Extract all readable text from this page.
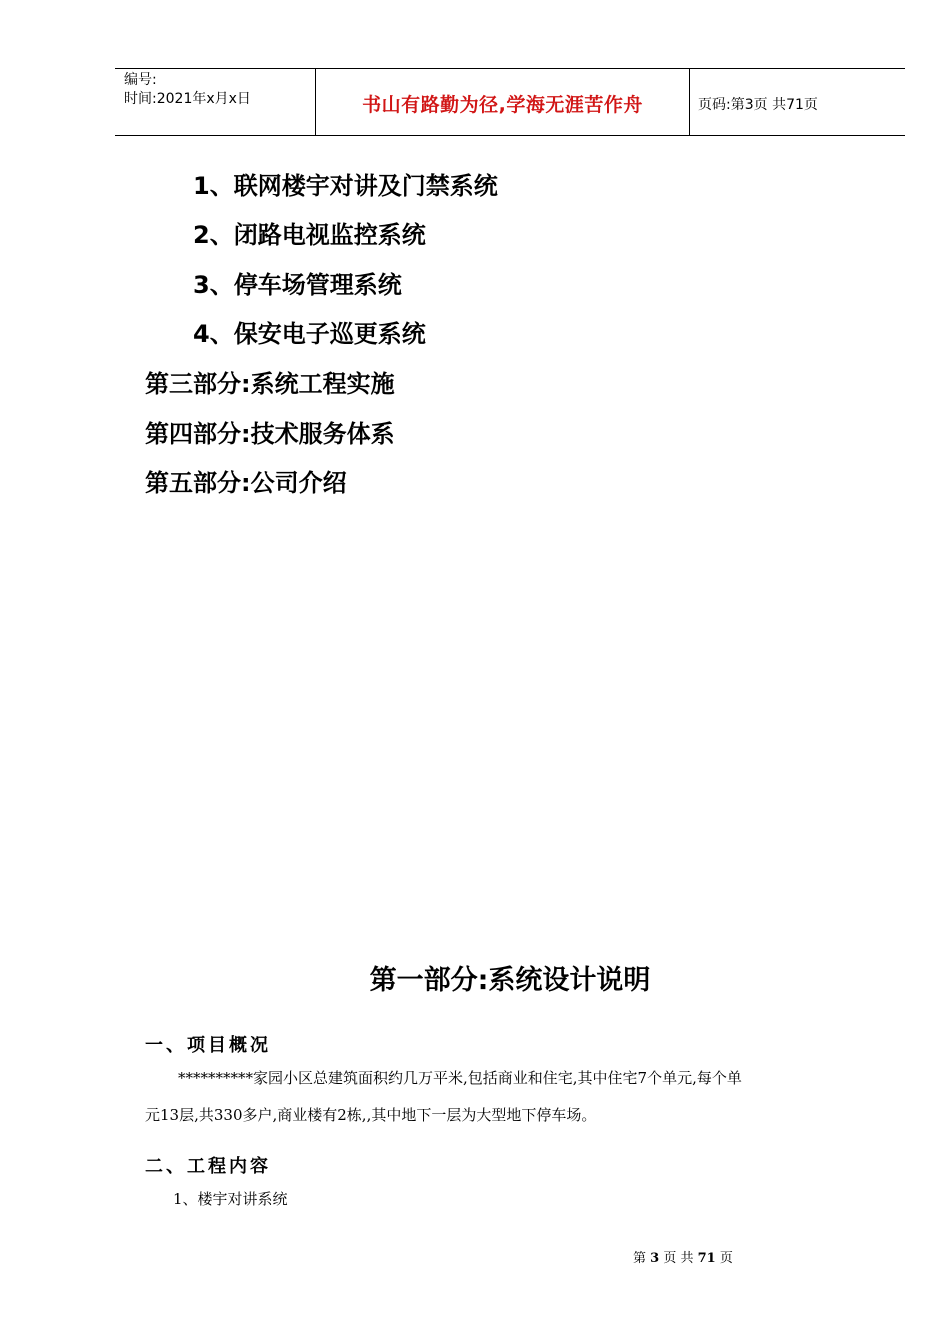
编号:
时间:2021年x月x日	书山有路勤为径,学海无涯苦作舟	页码:第3页 共71页
1、联网楼宇对讲及门禁系统
2、闭路电视监控系统
3、停车场管理系统
4、保安电子巡更系统
第三部分:系统工程实施
第四部分:技术服务体系
第五部分:公司介绍
第一部分:系统设计说明
一、项目概况
**********家园小区总建筑面积约几万平米,包括商业和住宅,其中住宅7个单元,每个单
元13层,共330多户,商业楼有2栋,,其中地下一层为大型地下停车场。
二、工程内容
1、楼宇对讲系统
第 3 页 共 71 页
